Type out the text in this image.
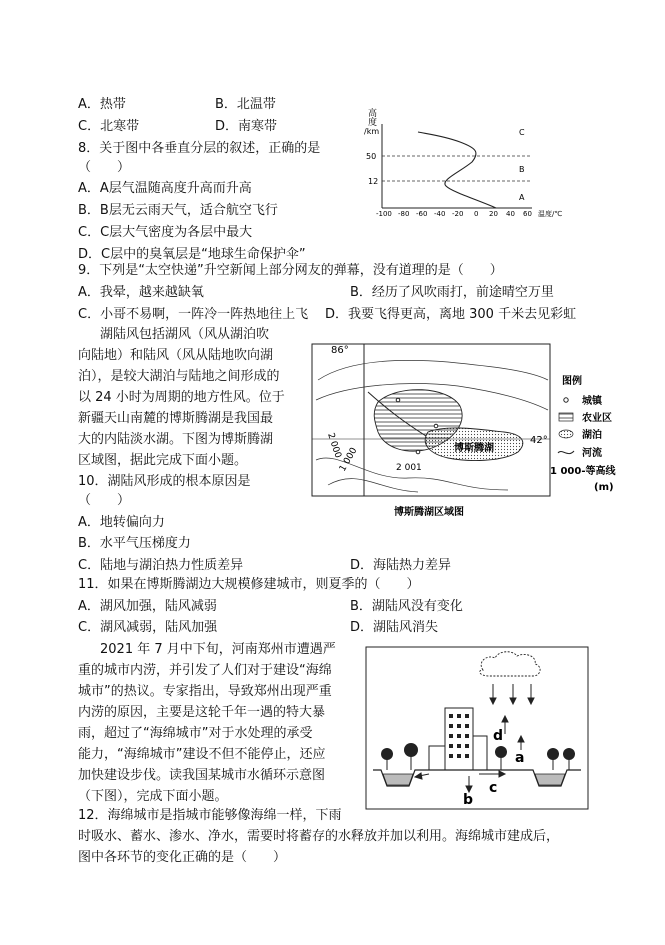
A．热带	B．北温带
C．北寒带	D．南寒带
8．关于图中各垂直分层的叙述，正确的是
（　　）
A．A层气温随高度升高而升高
B．B层无云雨天气，适合航空飞行
C．C层大气密度为各层中最大
D．C层中的臭氧层是“地球生命保护伞”
高
度
/km
50
12
C
B
A
-100 -80 -60 -40 -20 0 20 40 60 温度/℃
9．下列是“太空快递”升空新闻上部分网友的弹幕，没有道理的是（　　）
A．我晕，越来越缺氧	B．经历了风吹雨打，前途晴空万里
C．小哥不易啊，一阵冷一阵热地往上飞 D．我要飞得更高，离地 300 千米去见彩虹
湖陆风包括湖风（风从湖泊吹
向陆地）和陆风（风从陆地吹向湖
泊），是较大湖泊与陆地之间形成的
以 24 小时为周期的地方性风。位于
新疆天山南麓的博斯腾湖是我国最
大的内陆淡水湖。下图为博斯腾湖
区域图，据此完成下面小题。
86°
42°
2 000
1 000	2 001
博斯腾湖
博斯腾湖区域图
图例
城镇
农业区
湖泊
河流
1 000-等高线
(m)
10．湖陆风形成的根本原因是
（　　）
A．地转偏向力
B．水平气压梯度力
C．陆地与湖泊热力性质差异	D．海陆热力差异
11．如果在博斯腾湖边大规模修建城市，则夏季的（　　）
A．湖风加强，陆风减弱	B．湖陆风没有变化
C．湖风减弱，陆风加强	D．湖陆风消失
2021 年 7 月中下旬，河南郑州市遭遇严
重的城市内涝，并引发了人们对于建设“海绵
城市”的热议。专家指出，导致郑州出现严重
内涝的原因，主要是这轮千年一遇的特大暴
雨，超过了“海绵城市”对于水处理的承受
能力，“海绵城市”建设不但不能停止，还应
加快建设步伐。读我国某城市水循环示意图
（下图），完成下面小题。
d
a
b
c
12．海绵城市是指城市能够像海绵一样，下雨
时吸水、蓄水、渗水、净水，需要时将蓄存的水释放并加以利用。海绵城市建成后，
图中各环节的变化正确的是（　　）
